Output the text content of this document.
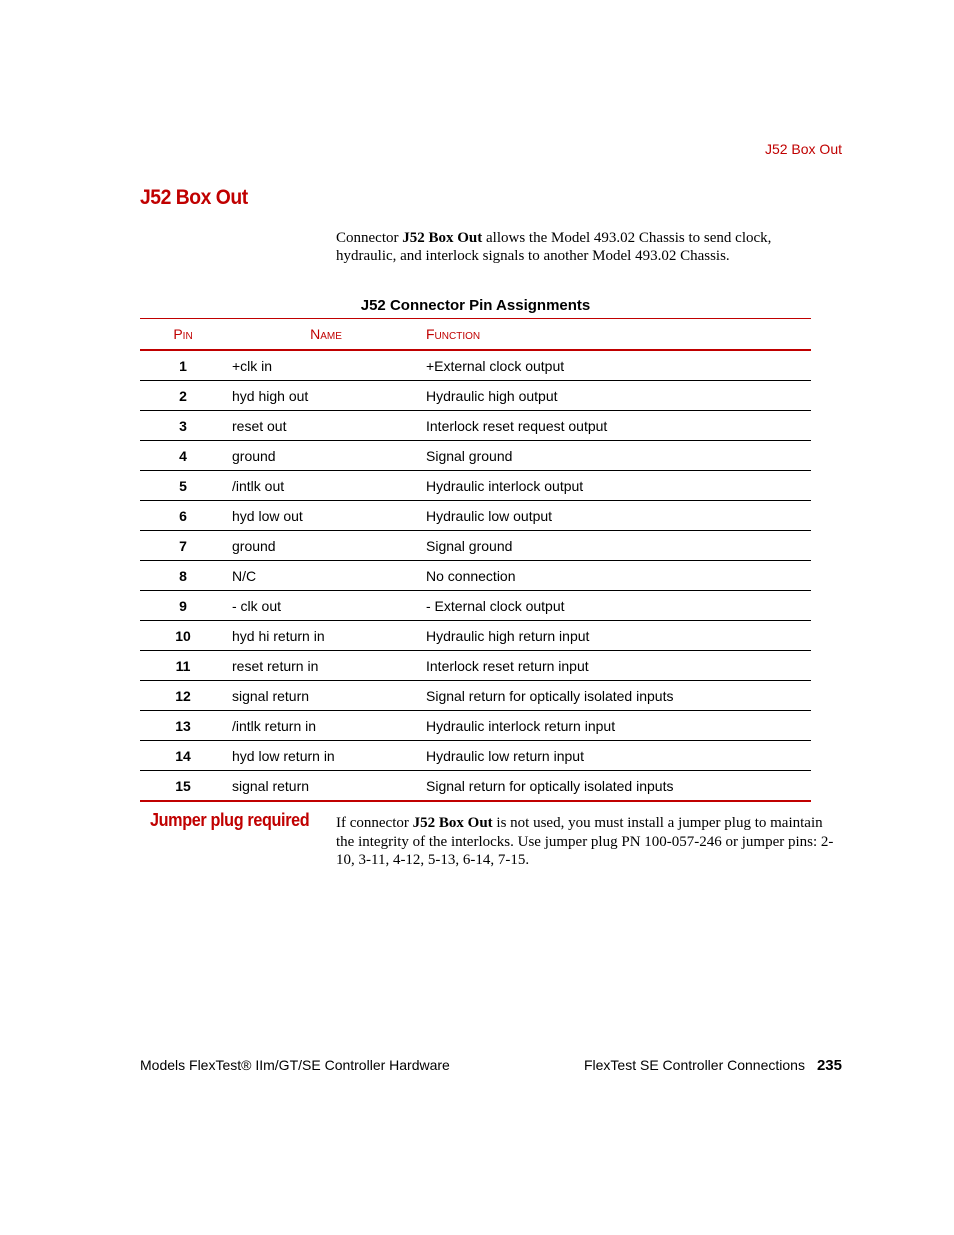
J52 Box Out
J52 Box Out
Connector J52 Box Out allows the Model 493.02 Chassis to send clock, hydraulic, and interlock signals to another Model 493.02 Chassis.
J52 Connector Pin Assignments
Pin	Name	Function
1	+clk in	+External clock output
2	hyd high out	Hydraulic high output
3	reset out	Interlock reset request output
4	ground	Signal ground
5	/intlk out	Hydraulic interlock output
6	hyd low out	Hydraulic low output
7	ground	Signal ground
8	N/C	No connection
9	- clk out	- External clock output
10	hyd hi return in	Hydraulic high return input
11	reset return in	Interlock reset return input
12	signal return	Signal return for optically isolated inputs
13	/intlk return in	Hydraulic interlock return input
14	hyd low return in	Hydraulic low return input
15	signal return	Signal return for optically isolated inputs
Jumper plug required If connector J52 Box Out is not used, you must install a jumper plug to maintain the integrity of the interlocks. Use jumper plug PN 100-057-246 or jumper pins: 2-10, 3-11, 4-12, 5-13, 6-14, 7-15.
Models FlexTest® IIm/GT/SE Controller Hardware	FlexTest SE Controller Connections 235
